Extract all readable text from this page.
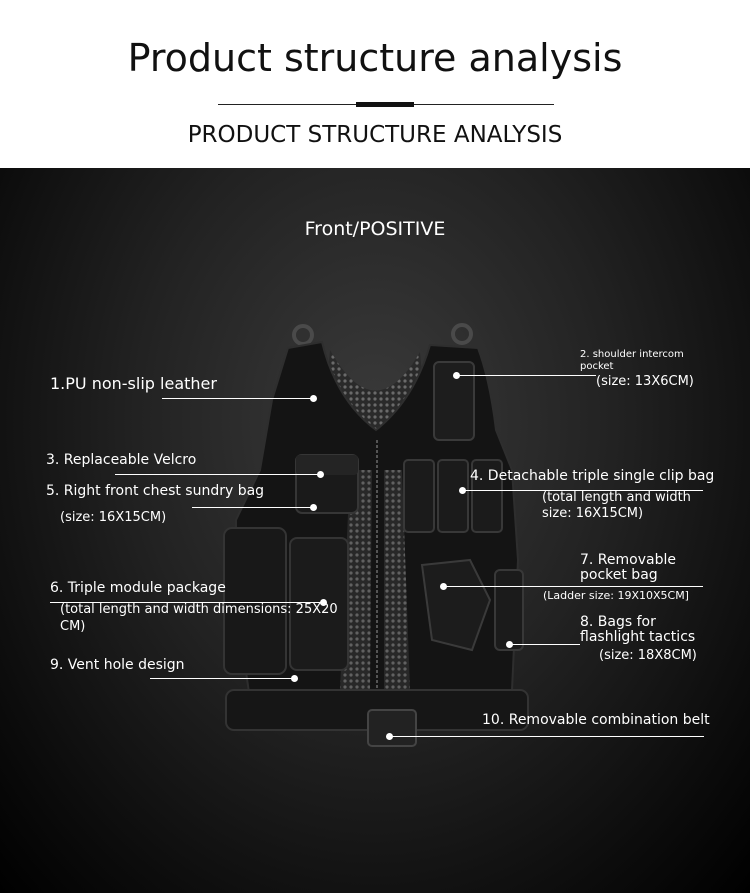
Product structure analysis
PRODUCT STRUCTURE ANALYSIS
Front/POSITIVE
1.PU non-slip leather
2. shoulder intercom
pocket
(size: 13X6CM)
3. Replaceable Velcro
4. Detachable triple single clip bag
(total length and width
size: 16X15CM)
5. Right front chest sundry bag
(size: 16X15CM)
6. Triple module package
(total length and width dimensions: 25X20
CM)
7. Removable
pocket bag
(Ladder size: 19X10X5CM]
8. Bags for
flashlight tactics
(size: 18X8CM)
9. Vent hole design
10. Removable combination belt
